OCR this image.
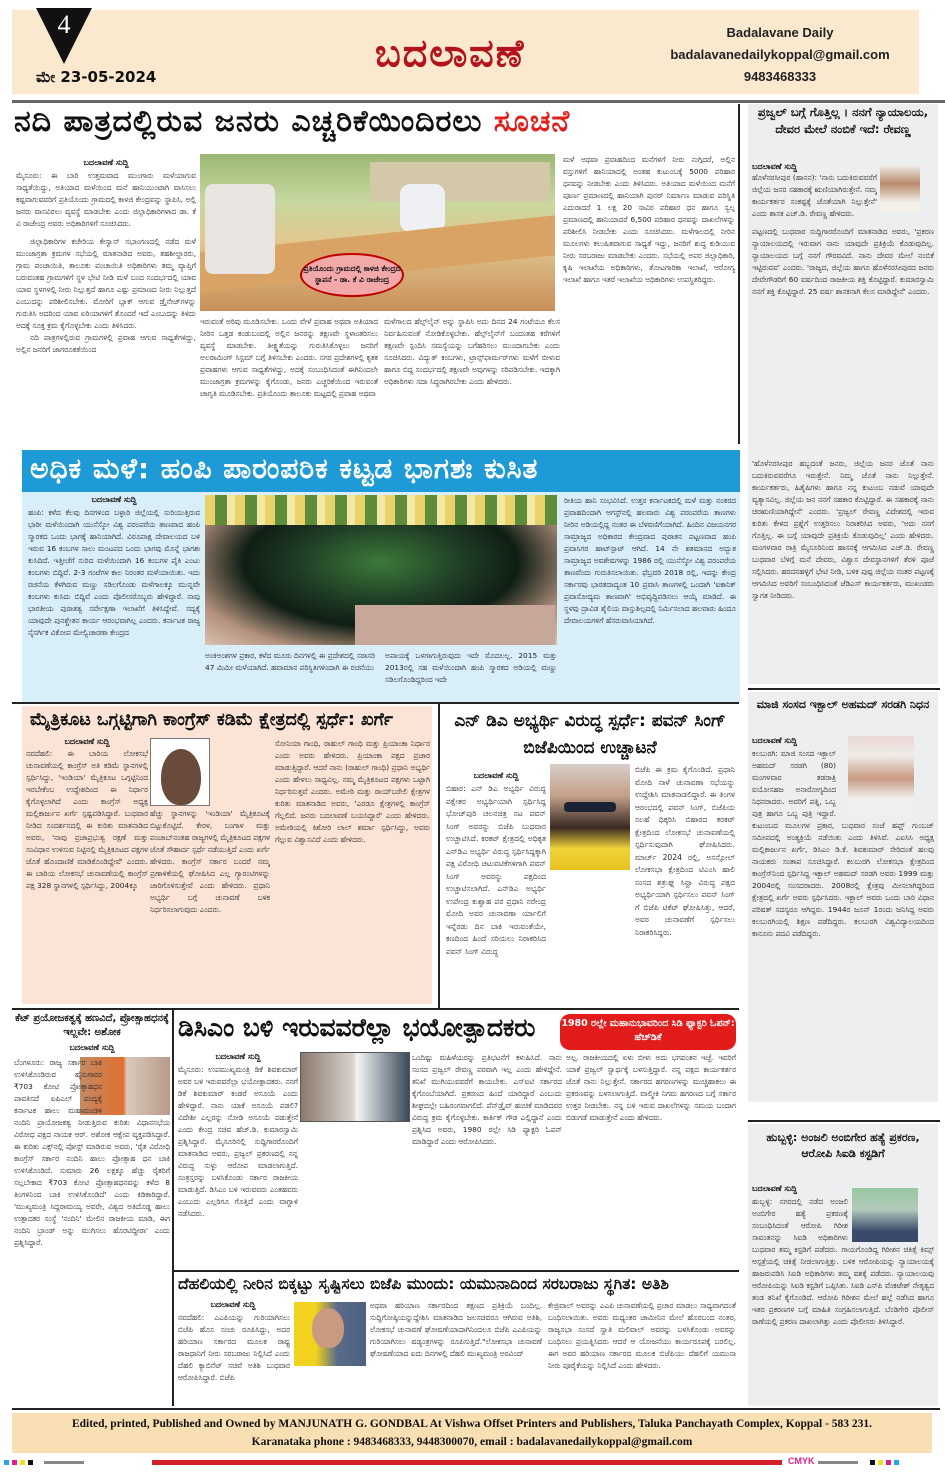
4
ಮೇ 23-05-2024
ಬದಲಾವಣೆ	Badalavane Daily
badalavanedailykoppal@gmail.com
9483468333
ನದಿ ಪಾತ್ರದಲ್ಲಿರುವ ಜನರು ಎಚ್ಚರಿಕೆಯಿಂದಿರಲು ಸೂಚನೆ
ಬದಲಾವಣೆ ಸುದ್ದಿ

ಮೈಸೂರು: ಈ ಬಾರಿ ಉತ್ತಮವಾದ ಮುಂಗಾರು ಮಳೆಯಾಗುವ ಸಾಧ್ಯತೆಯಿದ್ದು, ಅತಿಯಾದ ಮಳೆಯಿಂದ ಮನೆ ಹಾನಿಯುಂಟಾಗಿ ವಾಸಿಸಲು ಕಷ್ಟವಾಗುವವರಿಗೆ ಪ್ರತಿಯೊಂದು ಗ್ರಾಮದಲ್ಲಿ ಕಾಳಜಿ ಕೇಂದ್ರವನ್ನು ಸ್ಥಾಪಿಸಿ, ಅಲ್ಲಿ ಜನರು ವಾಸವಿರಲು ವ್ಯವಸ್ಥೆ ಮಾಡಬೇಕು ಎಂದು ಜಿಲ್ಲಾಧಿಕಾರಿಗಳಾದ ಡಾ. ಕೆ ವಿ ರಾಜೇಂದ್ರ ಅವರು ಅಧಿಕಾರಿಗಳಿಗೆ ಸೂಚಿಸಿದರು.

ಜಿಲ್ಲಾಧಿಕಾರಿಗಳ ಕಚೇರಿಯ ಕೇಸ್ವಾನ್ ಸಭಾಂಗಣದಲ್ಲಿ ನಡೆದ ಮಳೆ ಮುಂಜಾಗ್ರತಾ ಕ್ರಮಗಳ ಸಭೆಯಲ್ಲಿ ಮಾತನಾಡಿದ ಅವರು, ತಹಶೀಲ್ದಾರರು, ಗ್ರಾಮ ಪಂಚಾಯಿತಿ, ತಾಲೂಕು ಪಂಚಾಯಿತಿ ಅಧಿಕಾರಿಗಳು ತಮ್ಮ ವ್ಯಾಪ್ತಿಗೆ ಬರುವಂತಹ ಗ್ರಾಮಗಳಿಗೆ ಸ್ಥಳ ಭೇಟಿ ನೀಡಿ ಮಳೆ ಬಂದ ಸಂದರ್ಭದಲ್ಲಿ ಯಾವ ಯಾವ ಸ್ಥಳಗಳಲ್ಲಿ ನೀರು ನಿಲ್ಲುತ್ತದೆ ಹಾಗೂ ಎಷ್ಟು ಪ್ರಮಾಣದ ನೀರು ನಿಲ್ಲುತ್ತದೆ ಎಂಬುದನ್ನು ಪರಿಶೀಲಿಸಬೇಕು. ಮೋರಿಗೆ ಬ್ಲಾಕ್ ಆಗುವ ಡ್ರೈನೇಜ್‌ಗಳನ್ನು ಗುರುತಿಸಿ ಅದರಿಂದ ಯಾವ ಏರಿಯಾಗಳಿಗೆ ತೊಂದರೆ ಇದೆ ಎಂಬುದನ್ನು ತಿಳಿದು ಅದಕ್ಕೆ ಸೂಕ್ತ ಕ್ರಮ ಕೈಗೊಳ್ಳಬೇಕು ಎಂದು ತಿಳಿಸಿದರು.

ನದಿ ಪಾತ್ರಗಳಲ್ಲಿರುವ ಗ್ರಾಮಗಳಲ್ಲಿ ಪ್ರವಾಹ ಆಗುವ ಸಾಧ್ಯತೆಗಳಿದ್ದು, ಅಲ್ಲಿನ ಜನರಿಗೆ ಜಾಗರೂಕತೆಯಿಂದ

ಪ್ರತಿಯೊಂದು ಗ್ರಾಮದಲ್ಲಿ ಕಾಳಜಿ ಕೇಂದ್ರದ ಸ್ಥಾಪನೆ - ಡಾ. ಕೆ ವಿ ರಾಜೇಂದ್ರ
ಇರುವಂತೆ ಅರಿವು ಮೂಡಿಸಬೇಕು. ಒಂದು ವೇಳೆ ಪ್ರವಾಹ ಅಥವಾ ಅತಿಯಾದ ನೀರಿನ ಒತ್ತಡ ಕಂಡುಬಂದಲ್ಲಿ ಅಲ್ಲಿನ ಜನರನ್ನು ತಕ್ಷಣವೇ ಸ್ಥಳಾಂತರಿಸಲು ವ್ಯವಸ್ಥೆ ಮಾಡಬೇಕು. ತೀಕ್ಷ್ಣತೆಯನ್ನು ಗುರುತಿಸಿಕೊಳ್ಳಲು ಜನರಿಗೆ ಅಲರಾಮಿಂಗ್ ಸಿಸ್ಟಮ್ ಬಗ್ಗೆ ತಿಳಿಸಬೇಕು ಎಂದರು. ನಗರ ಪ್ರದೇಶಗಳಲ್ಲಿ ಕೃತಕ ಪ್ರವಾಹಗಳು ಆಗುವ ಸಾಧ್ಯತೆಗಳಿದ್ದು, ಅದಕ್ಕೆ ಸಂಬಂಧಿಸಿದಂತೆ ಈಗಿನಿಂದಲೇ ಮುಂಜಾಗ್ರತಾ ಕ್ರಮಗಳನ್ನು ಕೈಗೊಂಡು, ಜನರು ಎಚ್ಚರಿಕೆಯಿಂದ ಇರುವಂತೆ ಜಾಗೃತಿ ಮೂಡಿಸಬೇಕು. ಪ್ರತಿಯೊಂದು ತಾಲೂಕು ಮಟ್ಟದಲ್ಲಿ ಪ್ರವಾಹ ಅಥವಾ
ಮಳೆಗಾಲದ ಹೆಲ್ಪ್‌ಲೈನ್ ಅನ್ನು ಸ್ಥಾಪಿಸಿ ಅದು ದಿನದ 24 ಗಂಟೆಯೂ ಕೆಲಸ ನಿರ್ವಹಿಸುವಂತೆ ನೋಡಿಕೊಳ್ಳಬೇಕು. ಹೆಲ್ಪ್‌ಲೈನ್‌ಗೆ ಬಂದಂತಹ ಕರೆಗಳಿಗೆ ತಕ್ಷಣವೇ ಸ್ಪಂದಿಸಿ ಸಮಸ್ಯೆಯನ್ನು ಬಗೆಹರಿಸಲು ಮುಂದಾಗಬೇಕು ಎಂದು ಸೂಚಿಸಿದರು. ವಿದ್ಯುತ್ ಕಂಬಗಳು, ಟ್ರಾನ್ಸ್‌ಫಾರ್ಮರ್‌ಗಳು ಮಳೆಗೆ ಬೀಳುವ ಹಾಗೂ ಬಿದ್ದ ಸಂದರ್ಭದಲ್ಲಿ ತಕ್ಷಣವೇ ಅವುಗಳನ್ನು ಸರಿಪಡಿಸಬೇಕು. ಇದಕ್ಕಾಗಿ ಅಧಿಕಾರಿಗಳು ಸದಾ ಸಿದ್ಧರಾಗಿರಬೇಕು ಎಂದು ಹೇಳಿದರು.
ಮಳೆ ಅಥವಾ ಪ್ರವಾಹದಿಂದ ಮನೆಗಳಿಗೆ ನೀರು ನುಗ್ಗಿದರೆ, ಅಲ್ಲಿನ ವಸ್ತುಗಳಿಗೆ ಹಾನಿಯಾದಲ್ಲಿ ಅಂತಹ ಕುಟುಂಬಕ್ಕೆ 5000 ಪರಿಹಾರ ಧನವನ್ನು ನೀಡಬೇಕು ಎಂದು ತಿಳಿಸಿದರು. ಅತಿಯಾದ ಮಳೆಯಿಂದ ಮನೆಗೆ ಪೂರ್ಣ ಪ್ರಮಾಣದಲ್ಲಿ ಹಾನಿಯಾಗಿ ಪುನರ್ ನಿರ್ಮಾಣ ಮಾಡುವ ಪರಿಸ್ಥಿತಿ ಎದುರಾದರೆ 1 ಲಕ್ಷ 20 ಸಾವಿರ ಪರಿಹಾರ ಧನ ಹಾಗೂ ಸ್ವಲ್ಪ ಪ್ರಮಾಣದಲ್ಲಿ ಹಾನಿಯಾದರೆ 6,500 ಪರಿಹಾರ ಧನವನ್ನು ದಾಖಲೆಗಳನ್ನು ಪರಿಶೀಲಿಸಿ ನೀಡಬೇಕು ಎಂದು ಸೂಚಿಸಿದರು. ಮಳೆಗಾಲದಲ್ಲಿ ನೀರಿನ ಮೂಲಗಳು ಕಲುಷಿತವಾಗುವ ಸಾಧ್ಯತೆ ಇದ್ದು, ಜನರಿಗೆ ಶುದ್ಧ ಕುಡಿಯುವ ನೀರು ಸರಬರಾಜು ಮಾಡಬೇಕು ಎಂದರು. ಸಭೆಯಲ್ಲಿ ಅಪರ ಜಿಲ್ಲಾಧಿಕಾರಿ, ಕೃಷಿ ಇಲಾಖೆಯ ಅಧಿಕಾರಿಗಳು, ತೋಟಗಾರಿಕಾ ಇಲಾಖೆ, ಆರೋಗ್ಯ ಇಲಾಖೆ ಹಾಗೂ ಇತರೆ ಇಲಾಖೆಯ ಅಧಿಕಾರಿಗಳು ಉಪಸ್ಥಿತರಿದ್ದರು.
ಪ್ರಜ್ವಲ್ ಬಗ್ಗೆ ಗೊತ್ತಿಲ್ಲ । ನನಗೆ ನ್ಯಾಯಾಲಯ, ದೇವರ ಮೇಲೆ ನಂಬಿಕೆ ಇದೆ: ರೇವಣ್ಣ
ಬದಲಾವಣೆ ಸುದ್ದಿ
ಹೊಳೆನರಸೀಪುರ (ಹಾಸನ): 'ನಾನು ಬದುಕಿರುವವರೆಗೆ ಜಿಲ್ಲೆಯ ಜನರ ಸಹಕಾರಕ್ಕೆ ಋಣಿಯಾಗಿರುತ್ತೇನೆ. ನಮ್ಮ ಕಾರ್ಯಕರ್ತರ ಸಂಕಷ್ಟಕ್ಕೆ ಜೊತೆಯಾಗಿ ನಿಲ್ಲುತ್ತೇನೆ' ಎಂದು ಶಾಸಕ ಎಚ್.ಡಿ. ರೇವಣ್ಣ ಹೇಳಿದರು.
ಪಟ್ಟಣದಲ್ಲಿ ಬುಧವಾರ ಸುದ್ದಿಗಾರರೊಂದಿಗೆ ಮಾತನಾಡಿದ ಅವರು, 'ಪ್ರಕರಣ ನ್ಯಾಯಾಲಯದಲ್ಲಿ ಇರುವಾಗ ನಾನು ಯಾವುದೇ ಪ್ರತಿಕ್ರಿಯೆ ಕೊಡುವುದಿಲ್ಲ. ನ್ಯಾಯಾಲಯದ ಬಗ್ಗೆ ನನಗೆ ಗೌರವವಿದೆ. ನಾನು ದೇವರ ಮೇಲೆ ನಂಬಿಕೆ ಇಟ್ಟಿರುವವ' ಎಂದರು. 'ರಾಜ್ಯದ, ಜಿಲ್ಲೆಯ ಹಾಗೂ ಹೊಳೆನರಸೀಪುರದ ಜನರು ದೇವೇಗೌಡರಿಗೆ 60 ವರ್ಷದಿಂದ ರಾಜಕೀಯ ಶಕ್ತಿ ಕೊಟ್ಟಿದ್ದಾರೆ. ಕುಮಾರಸ್ವಾಮಿ ನನಗೆ ಶಕ್ತಿ ಕೊಟ್ಟಿದ್ದಾರೆ. 25 ವರ್ಷ ಶಾಸಕನಾಗಿ ಕೆಲಸ ಮಾಡಿದ್ದೇನೆ' ಎಂದರು.
'ಹೊಳೆನರಸೀಪುರ ಹಬ್ಬದಂತೆ ಜನರು, ಜಿಲ್ಲೆಯ ಜನರ ಜೊತೆ ನಾನು ಬದುಕಿರುವವರೆಗೂ ಇರುತ್ತೇನೆ. ನಿಮ್ಮ ಜೊತೆ ನಾನು ನಿಲ್ಲುತ್ತೇನೆ. ಕಾರ್ಯಕರ್ತರು, ಹಿತೈಷಿಗಳು ಹಾಗೂ ನನ್ನ ಕುಟುಂಬ ನಡುವೆ ಯಾವುದೇ ವ್ಯತ್ಯಾಸವಿಲ್ಲ. ಜಿಲ್ಲೆಯ ಜನ ನನಗೆ ಸಹಕಾರ ಕೊಟ್ಟಿದ್ದಾರೆ. ಈ ಸಹಕಾರಕ್ಕೆ ನಾನು ಚಿರಋಣಿಯಾಗಿದ್ದೇನೆ' ಎಂದರು. 'ಪ್ರಜ್ವಲ್ ರೇವಣ್ಣ ವಿದೇಶದಲ್ಲಿ ಇರುವ ಕುರಿತು ಕೇಳಿದ ಪ್ರಶ್ನೆಗೆ ಉತ್ತರಿಸಲು ನಿರಾಕರಿಸಿದ ಅವರು, 'ಅದು ನನಗೆ ಗೊತ್ತಿಲ್ಲ. ಈ ಬಗ್ಗೆ ಯಾವುದೇ ಪ್ರತಿಕ್ರಿಯೆ ಕೊಡುವುದಿಲ್ಲ' ಎಂದು ಹೇಳಿದರು. ಮಂಗಳವಾರ ರಾತ್ರಿ ಮೈಸೂರಿನಿಂದ ಹಾಸನಕ್ಕೆ ಆಗಮಿಸಿದ ಎಚ್.ಡಿ. ರೇವಣ್ಣ ಬುಧವಾರ ಬೆಳಿಗ್ಗೆ ಮನೆ ದೇವರು, ವಿಶ್ವಾಸ ದೇವಸ್ಥಾನಗಳಿಗೆ ತೆರಳಿ ಪೂಜೆ ಸಲ್ಲಿಸಿದರು. ಹರದನಹಳ್ಳಿಗೆ ಭೇಟಿ ನೀಡಿ, ಬಳಿಕ ಪುಷ್ಪ ಜಿಲ್ಲೆಯ ನಂತರ ಪಟ್ಟಣಕ್ಕೆ ಆಗಮಿಸಿದ ಅವರಿಗೆ ಸಂಬಂಧಿಸಿದಂತೆ ಜೆಡಿಎಸ್ ಕಾರ್ಯಕರ್ತರು, ಮುಖಂಡರು ಸ್ವಾಗತ ನೀಡಿದರು.
ಅಧಿಕ ಮಳೆ: ಹಂಪಿ ಪಾರಂಪರಿಕ ಕಟ್ಟಡ ಭಾಗಶಃ ಕುಸಿತ
ಬದಲಾವಣೆ ಸುದ್ದಿ
ಹಂಪಿ: ಕಳೆದ ಕೆಲವು ದಿನಗಳಿಂದ ಬಳ್ಳಾರಿ ಜಿಲ್ಲೆಯಲ್ಲಿ ಸುರಿಯುತ್ತಿರುವ ಭಾರೀ ಮಳೆಯಿಂದಾಗಿ ಯುನೆಸ್ಕೋ ವಿಶ್ವ ಪರಂಪರೆಯ ತಾಣವಾದ ಹಂಪಿ ಸ್ಮಾರಕದ ಒಂದು ಭಾಗಕ್ಕೆ ಹಾನಿಯಾಗಿದೆ. ವಿರೂಪಾಕ್ಷ ದೇವಾಲಯದ ಬಳಿ ಇರುವ 16 ಕಂಬಗಳ ಸಾಲು ಮಂಟಪದ ಒಂದು ಭಾಗವು ಮೊನ್ನೆ ಭಾಗಶಃ ಕುಸಿದಿದೆ. ಇತ್ತೀಚೆಗೆ ಸುರಿದ ಮಳೆಯಿಂದಾಗಿ 16 ಕಂಬಗಳ ಪೈಕಿ ಎಂಟು ಕಂಬಗಳು ಬಿದ್ದಿವೆ. 2-3 ಗಂಟೆಗಳ ಕಾಲ ನಿರಂತರ ಮಳೆಯಾಯಿತು. ಇದು ರಚನೆಯ ಕೆಳಗಿರುವ ಮಣ್ಣು ಸಡಿಲಗೊಂಡು ಮಳೆಗಾಲಕ್ಕೂ ಮುನ್ನವೇ ಕಂಬಗಳು ಕುಸಿದು ಬಿದ್ದಿವೆ ಎಂದು ಪೊಲೀಸರೊಬ್ಬರು ಹೇಳಿದ್ದಾರೆ. ನಾವು ಭಾರತೀಯ ಪುರಾತತ್ವ ಸರ್ವೇಕ್ಷಣಾ ಇಲಾಖೆಗೆ ತಿಳಿಸಿದ್ದೇವೆ. ಸದ್ಯಕ್ಕೆ ಯಾವುದೇ ಪುನಶ್ಚೇತನ ಕಾರ್ಯ ಆರಂಭವಾಗಿಲ್ಲ ಎಂದರು. ಕರ್ನಾಟಕ ರಾಜ್ಯ ನೈಸರ್ಗಿಕ ವಿಕೋಪ ಮೇಲ್ವಿಚಾರಣಾ ಕೇಂದ್ರದ
ಅಂಕಿಅಂಶಗಳ ಪ್ರಕಾರ, ಕಳೆದ ಮೂರು ದಿನಗಳಲ್ಲಿ ಈ ಪ್ರದೇಶದಲ್ಲಿ ಸರಾಸರಿ 47 ಮಿಮೀ ಮಳೆಯಾಗಿದೆ. ಹವಾಮಾನ ಪರಿಸ್ಥಿತಿಗಳಿಂದಾಗಿ ಈ ರಚನೆಯು
ಅಪಾಯಕ್ಕೆ ಒಳಗಾಗುತ್ತಿರುವುದು ಇದೇ ಮೊದಲಲ್ಲ. 2015 ಮತ್ತು 2013ರಲ್ಲಿ ಸಹ ಮಳೆಯಿಂದಾಗಿ ಹಂಪಿ ಸ್ಮಾರಕದ ಅಡಿಯಲ್ಲಿ ಮಣ್ಣು ಸಡಿಲಗೊಂಡಿದ್ದರಿಂದ ಇದೇ
ರೀತಿಯ ಹಾನಿ ಸಂಭವಿಸಿದೆ. ಉತ್ತರ ಕರ್ನಾಟಕದಲ್ಲಿ ಮಳೆ ಮತ್ತು ನಂತರದ ಪ್ರವಾಹದಿಂದಾಗಿ ಆಗಸ್ಟ್‌ನಲ್ಲಿ ಹಲವಾರು ವಿಶ್ವ ಪರಂಪರೆಯ ತಾಣಗಳು ನೀರಿನ ಅಡಿಯಲ್ಲಿದ್ದ ನಂತರ ಈ ಬೆಳವಣಿಗೆಯಾಗಿದೆ. ಹಿಂದಿನ ವಿಜಯನಗರ ಸಾಮ್ರಾಜ್ಯದ ಅಧಿಕಾರದ ಕೇಂದ್ರವಾದ ಪುರಾತನ ಪಟ್ಟಣವಾದ ಹಂಪಿ ಪ್ರವಾಸಿಗರ ಹಾಟ್‌ಸ್ಪಾಟ್ ಆಗಿದೆ. 14 ನೇ ಶತಮಾನದ ಅದ್ಭುತ ಸಾಮ್ರಾಜ್ಯದ ಅವಶೇಷಗಳನ್ನು 1986 ರಲ್ಲಿ ಯುನೆಸ್ಕೋ ವಿಶ್ವ ಪರಂಪರೆಯ ತಾಣವೆಂದು ಗುರುತಿಸಲಾಯಿತು. ಫೆಬ್ರವರಿ 2018 ರಲ್ಲಿ, ಇದನ್ನು ಕೇಂದ್ರ ಸರ್ಕಾರವು ಭಾರತದಾದ್ಯಂತ 10 ಪ್ರವಾಸಿ ತಾಣಗಳಲ್ಲಿ ಒಂದಾಗಿ 'ಐಕಾನಿಕ್ ಪ್ರವಾಸೋದ್ಯಮ ತಾಣವಾಗಿ' ಅಭಿವೃದ್ಧಿಪಡಿಸಲು ಆಯ್ಕೆ ಮಾಡಿದೆ. ಈ ಸ್ಥಳವು ದ್ರಾವಿಡ ಶೈಲಿಯ ವಾಸ್ತುಶಿಲ್ಪದಲ್ಲಿ ನಿರ್ಮಿಸಲಾದ ಹಲವಾರು ಹಿಂದೂ ದೇವಾಲಯಗಳಿಗೆ ಹೆಸರುವಾಸಿಯಾಗಿದೆ.
ಮೈತ್ರಿಕೂಟ ಒಗ್ಗಟ್ಟಿಗಾಗಿ ಕಾಂಗ್ರೆಸ್ ಕಡಿಮೆ ಕ್ಷೇತ್ರದಲ್ಲಿ ಸ್ಪರ್ಧೆ: ಖರ್ಗೆ
ಬದಲಾವಣೆ ಸುದ್ದಿ
ನವದೆಹಲಿ: ಈ ಬಾರಿಯ ಲೋಕಸಭೆ ಚುನಾವಣೆಯಲ್ಲಿ ಕಾಂಗ್ರೆಸ್ ಅತಿ ಕಡಿಮೆ ಸ್ಥಾನಗಳಲ್ಲಿ ಸ್ಪರ್ಧಿಸಿದ್ದು, 'ಇಂಡಿಯಾ' ಮೈತ್ರಿಕೂಟ ಒಗ್ಗಟ್ಟಿನಿಂದ ಇರಬೇಕೆಂಬ ಉದ್ದೇಶದಿಂದ ಈ ನಿರ್ಧಾರ ಕೈಗೊಳ್ಳಲಾಗಿದೆ ಎಂದು ಕಾಂಗ್ರೆಸ್ ಅಧ್ಯಕ್ಷ ಮಲ್ಲಿಕಾರ್ಜುನ ಖರ್ಗೆ ಸ್ಪಷ್ಟಪಡಿಸಿದ್ದಾರೆ. ಬುಧವಾರ ನೀಡಿದ ಸಂದರ್ಶನದಲ್ಲಿ ಈ ಕುರಿತು ಮಾತನಾಡಿದ ಅವರು, 'ನಾವು ಪ್ರಜಾಪ್ರಭುತ್ವ ರಕ್ಷಣೆ ಮತ್ತು ಸಂವಿಧಾನ ಉಳಿಸುವ ನಿಟ್ಟಿನಲ್ಲಿ ಮೈತ್ರಿಕೂಟದ ಪಕ್ಷಗಳ ಜೊತೆ ಹೊಂದಾಣಿಕೆ ಮಾಡಿಕೊಂಡಿದ್ದೇವೆ' ಎಂದರು. ಈ ಬಾರಿಯ ಲೋಕಸಭೆ ಚುನಾವಣೆಯಲ್ಲಿ ಕಾಂಗ್ರೆಸ್ ಪಕ್ಷ 328 ಸ್ಥಾನಗಳಲ್ಲಿ ಸ್ಪರ್ಧಿಸಿದ್ದು, 2004ಕ್ಕೂ
ಹೆಚ್ಚು ಸ್ಥಾನಗಳನ್ನು 'ಇಂಡಿಯಾ' ಮೈತ್ರಿಕೂಟಕ್ಕೆ ಬಿಟ್ಟುಕೊಟ್ಟಿದೆ. ಕೇರಳ, ಬಂಗಾಳ ಮತ್ತು ಪಂಜಾಬ್‌ನಂತಹ ರಾಜ್ಯಗಳಲ್ಲಿ ಮೈತ್ರಿಕೂಟದ ಪಕ್ಷಗಳ ಜೊತೆ ಸೌಹಾರ್ದ ಸ್ಪರ್ಧೆ ನಡೆಯುತ್ತಿದೆ ಎಂದು ಖರ್ಗೆ ಹೇಳಿದರು. ಕಾಂಗ್ರೆಸ್ ಸರ್ಕಾರ ಬಂದರೆ ನಮ್ಮ ಪ್ರಣಾಳಿಕೆಯಲ್ಲಿ ಘೋಷಿಸಿದ ಎಲ್ಲ ಗ್ಯಾರಂಟಿಗಳನ್ನು ಜಾರಿಗೊಳಿಸುತ್ತೇವೆ ಎಂದು ಹೇಳಿದರು. ಪ್ರಧಾನಿ ಅಭ್ಯರ್ಥಿ ಬಗ್ಗೆ ಚುನಾವಣೆ ಬಳಿಕ ನಿರ್ಧರಿಸಲಾಗುವುದು ಎಂದರು.
ಸೋನಿಯಾ ಗಾಂಧಿ, ರಾಹುಲ್ ಗಾಂಧಿ ಮತ್ತು ಪ್ರಿಯಾಂಕಾ ನಿರ್ಧಾರ ಎಂದು ಅವರು ಹೇಳಿದರು. ಪ್ರಿಯಾಂಕಾ ಪಕ್ಷದ ಪ್ರಚಾರ ಮಾಡುತ್ತಿದ್ದಾರೆ. ಆದರೆ ನಾನು (ರಾಹುಲ್ ಗಾಂಧಿ) ಪ್ರಧಾನಿ ಅಭ್ಯರ್ಥಿ ಎಂದು ಹೇಳಲು ಸಾಧ್ಯವಿಲ್ಲ. ನಮ್ಮ ಮೈತ್ರಿಕೂಟದ ಪಕ್ಷಗಳು ಒಟ್ಟಾಗಿ ನಿರ್ಧರಿಸುತ್ತವೆ ಎಂದರು. ಅಮೇಠಿ ಮತ್ತು ರಾಯ್‌ಬರೇಲಿ ಕ್ಷೇತ್ರಗಳ ಕುರಿತು ಮಾತನಾಡಿದ ಅವರು, 'ಎರಡೂ ಕ್ಷೇತ್ರಗಳಲ್ಲಿ ಕಾಂಗ್ರೆಸ್ ಗೆಲ್ಲಲಿದೆ. ಜನರು ಬದಲಾವಣೆ ಬಯಸಿದ್ದಾರೆ' ಎಂದು ಹೇಳಿದರು. ಅಮೇಠಿಯಲ್ಲಿ ಕಿಶೋರಿ ಲಾಲ್ ಶರ್ಮಾ ಸ್ಪರ್ಧಿಸಿದ್ದು, ಅವರು ಗೆಲ್ಲುವ ವಿಶ್ವಾಸವಿದೆ ಎಂದು ಹೇಳಿದರು.
ಎನ್ ಡಿಎ ಅಭ್ಯರ್ಥಿ ವಿರುದ್ಧ ಸ್ಪರ್ಧೆ: ಪವನ್ ಸಿಂಗ್ ಬಿಜೆಪಿಯಿಂದ ಉಚ್ಚಾಟನೆ
ಬದಲಾವಣೆ ಸುದ್ದಿ
ಬಿಹಾರ: ಎನ್ ಡಿಎ ಅಭ್ಯರ್ಥಿ ವಿರುದ್ಧ ಪಕ್ಷೇತರ ಅಭ್ಯರ್ಥಿಯಾಗಿ ಸ್ಪರ್ಧಿಸಿದ್ದ ಭೋಜ್‌ಪುರಿ ಚಲನಚಿತ್ರ ನಟ ಪವನ್ ಸಿಂಗ್ ಅವರನ್ನು ಬಿಜೆಪಿ ಬುಧವಾರ ಉಚ್ಚಾಟಿಸಿದೆ. ಕರಕಟ್ ಕ್ಷೇತ್ರದಲ್ಲಿ ಅಧಿಕೃತ ಎನ್‌ಡಿಎ ಅಭ್ಯರ್ಥಿ ವಿರುದ್ಧ ಸ್ಪರ್ಧಿಸಿದ್ದಕ್ಕಾಗಿ ಪಕ್ಷ ವಿರೋಧಿ ಚಟುವಟಿಕೆಗಳಿಗಾಗಿ ಪವನ್ ಸಿಂಗ್ ಅವರನ್ನು ಪಕ್ಷದಿಂದ ಉಚ್ಚಾಟಿಸಲಾಗಿದೆ. ಎನ್‌ಡಿಎ ಅಭ್ಯರ್ಥಿ ಉಪೇಂದ್ರ ಕುಶ್ವಾಹ ಪರ ಪ್ರಧಾನಿ ನರೇಂದ್ರ ಮೋದಿ ಅವರ ಚುನಾವಣಾ ರ್ಯಾಲಿಗೆ ಇನ್ನೆರಡು ದಿನ ಬಾಕಿ ಇರುವಂತೆಯೇ, ಕಣದಿಂದ ಹಿಂದೆ ಸರಿಯಲು ನಿರಾಕರಿಸಿದ ಪವನ್ ಸಿಂಗ್ ವಿರುದ್ಧ
ಬಿಜೆಪಿ ಈ ಕ್ರಮ ಕೈಗೊಂಡಿದೆ. ಪ್ರಧಾನಿ ಮೋದಿ ನಾಳೆ ಚುನಾವಣಾ ಸಭೆಯನ್ನು ಉದ್ದೇಶಿಸಿ ಮಾತನಾಡಲಿದ್ದಾರೆ. ಈ ತಿಂಗಳ ಆರಂಭದಲ್ಲಿ ಪವನ್ ಸಿಂಗ್, ಬಿಜೆಪಿಯ ಸಲಹೆ ಧಿಕ್ಕರಿಸಿ ಬಿಹಾರದ ಕರಕಟ್ ಕ್ಷೇತ್ರದಿಂದ ಲೋಕಸಭೆ ಚುನಾವಣೆಯಲ್ಲಿ ಸ್ಪರ್ಧಿಸುವುದಾಗಿ ಘೋಷಿಸಿದರು. ಮಾರ್ಚ್ 2024 ರಲ್ಲಿ, ಅಸನ್ಸೋಲ್ ಲೋಕಸಭಾ ಕ್ಷೇತ್ರದಿಂದ ಟಿಎಂಸಿ ಹಾಲಿ ಸಂಸದ ಶತ್ರುಘ್ನ ಸಿನ್ಹಾ ವಿರುದ್ಧ ಪಕ್ಷದ ಅಭ್ಯರ್ಥಿಯಾಗಿ ಸ್ಪರ್ಧಿಸಲು ಪವನ್ ಸಿಂಗ್ ಗೆ ಬಿಜೆಪಿ ಟಿಕೆಟ್ ಘೋಷಿಸಿತ್ತು, ಆದರೆ, ಅವರ ಚುನಾವಣೆಗೆ ಸ್ಪರ್ಧಿಸಲು ನಿರಾಕರಿಸಿದ್ದರು.
ಮಾಜಿ ಸಂಸದ ಇಕ್ಬಾಲ್ ಅಹಮದ್ ಸರಡಗಿ ನಿಧನ
ಬದಲಾವಣೆ ಸುದ್ದಿ
ಕಲಬುರಗಿ: ಮಾಜಿ ಸಂಸದ ಇಕ್ಬಾಲ್ ಅಹಮದ್ ಸರಡಗಿ (80) ಮಂಗಳವಾರ ತಡರಾತ್ರಿ ವಯೋಸಹಜ ಅನಾರೋಗ್ಯದಿಂದ ನಿಧನರಾದರು. ಅವರಿಗೆ ಪತ್ನಿ, ಒಬ್ಬ ಪುತ್ರ ಹಾಗೂ ಒಬ್ಬ ಪುತ್ರಿ ಇದ್ದಾರೆ. ಕುಟುಂಬದ ಮೂಲಗಳ ಪ್ರಕಾರ, ಬುಧವಾರ ಸಂಜೆ ಹಫ್ತ್ ಗುಂಬಜ್ ಸಮೀಪದಲ್ಲಿ ಅಂತ್ಯಕ್ರಿಯೆ ನಡೆಯಿತು ಎಂದು ತಿಳಿಸಿವೆ. ಎಐಸಿಸಿ ಅಧ್ಯಕ್ಷ ಮಲ್ಲಿಕಾರ್ಜುನ ಖರ್ಗೆ, ಡಿಸಿಎಂ ಡಿ.ಕೆ. ಶಿವಕುಮಾರ್ ಸೇರಿದಂತೆ ಹಲವು ನಾಯಕರು ಸಂತಾಪ ಸೂಚಿಸಿದ್ದಾರೆ. ಕಲಬುರಗಿ ಲೋಕಸಭಾ ಕ್ಷೇತ್ರದಿಂದ ಕಾಂಗ್ರೆಸ್‌ನಿಂದ ಸ್ಪರ್ಧಿಸಿದ್ದ ಇಕ್ಬಾಲ್ ಅಹಮದ್ ಸರಡಗಿ ಅವರು 1999 ಮತ್ತು 2004ರಲ್ಲಿ ಸಂಸದರಾದರು. 2008ರಲ್ಲಿ ಕ್ಷೇತ್ರವು ಮೀಸಲಾಗಿದ್ದರಿಂದ ಕ್ಷೇತ್ರದಲ್ಲಿ ಖರ್ಗೆ ಅವರು ಸ್ಪರ್ಧಿಸಿದರು. ಇಕ್ಬಾಲ್ ಅವರು ಒಂದು ಬಾರಿ ವಿಧಾನ ಪರಿಷತ್ ಸದಸ್ಯರೂ ಆಗಿದ್ದರು. 1944ರ ಜೂನ್ 1ರಂದು ಜನಿಸಿದ್ದ ಅವರು ಕಲಬುರಗಿಯಲ್ಲಿ ಶಿಕ್ಷಣ ಪಡೆದಿದ್ದರು. ಕಲಬುರಗಿ ವಿಶ್ವವಿದ್ಯಾಲಯದಿಂದ ಕಾನೂನು ಪದವಿ ಪಡೆದಿದ್ದರು.
ಕೆಟ್ ಪ್ರಯೋಜಕತ್ವಕ್ಕೆ ಹಣವಿದೆ, ಪ್ರೋತ್ಸಾಹಧನಕ್ಕೆ ಇಲ್ಲವೇ: ಅಶೋಕ
ಬದಲಾವಣೆ ಸುದ್ದಿ
ಬೆಂಗಳೂರು: ರಾಜ್ಯ ಸರ್ಕಾರ ಬಾಕಿ ಉಳಿಸಿಕೊಂಡಿರುವ ಹೈನುಗಾರರ ₹703 ಕೋಟಿ ಪ್ರೋತ್ಸಾಹಧನ ಪಾವತಿಸದೆ ಐಪಿಎಲ್ ಪಂದ್ಯಕ್ಕೆ ಕರ್ನಾಟಕ ಹಾಲು ಮಹಾಮಂಡಳಿ ನಂದಿನಿ ಪ್ರಾಯೋಜಕತ್ವ ನೀಡುತ್ತಿರುವ ಕುರಿತು ವಿಧಾನಸಭೆಯ ವಿರೋಧ ಪಕ್ಷದ ನಾಯಕ ಆರ್. ಅಶೋಕ ಆಕ್ಷೇಪ ವ್ಯಕ್ತಪಡಿಸಿದ್ದಾರೆ. ಈ ಕುರಿತು ಎಕ್ಸ್‌ನಲ್ಲಿ ಪೋಸ್ಟ್ ಮಾಡಿರುವ ಅವರು, 'ರೈತ ವಿರೋಧಿ ಕಾಂಗ್ರೆಸ್ ಸರ್ಕಾರ ನಂದಿನಿ ಹಾಲು ಪ್ರೋತ್ಸಾಹ ಧನ ಬಾಕಿ ಉಳಿಸಿಕೊಂಡಿದೆ. ಸುಮಾರು 26 ಲಕ್ಷಕ್ಕೂ ಹೆಚ್ಚು ರೈತರಿಗೆ ಸಲ್ಲಬೇಕಾದ ₹703 ಕೋಟಿ ಪ್ರೋತ್ಸಾಹಧನವನ್ನು ಕಳೆದ 8 ತಿಂಗಳಿನಿಂದ ಬಾಕಿ ಉಳಿಸಿಕೊಂಡಿದೆ' ಎಂದು ಕಿಡಿಕಾರಿದ್ದಾರೆ. 'ಮುಖ್ಯಮಂತ್ರಿ ಸಿದ್ದರಾಮಯ್ಯ ಅವರೇ, ವಿಶ್ವದ ಅತಿದೊಡ್ಡ ಹಾಲು ಉತ್ಪಾದಕರ ಸಂಸ್ಥೆ 'ನಂದಿನಿ' ಮೇಲಿನ ರಾಜಕೀಯ ಮಾಡಿ, ಈಗ ನಂದಿನಿ ಬ್ರಾಂಡ್ ಅನ್ನು ಮುಗಿಸಲು ಹೊರಟಿದ್ದೀರಾ' ಎಂದು ಪ್ರಶ್ನಿಸಿದ್ದಾರೆ.
ಡಿಸಿಎಂ ಬಳಿ ಇರುವವರೆಲ್ಲಾ ಭಯೋತ್ಪಾದಕರು	1980 ರಲ್ಲೇ ಮಹಾನುಭಾವರಿಂದ ಸಿಡಿ ಫ್ಯಾಕ್ಟರಿ ಓಪನ್: ಹೆಚ್‌ಡಿಕೆ
ಬದಲಾವಣೆ ಸುದ್ದಿ
ಮೈಸೂರು: ಉಪಮುಖ್ಯಮಂತ್ರಿ ಡಿಕೆ ಶಿವಕುಮಾರ್ ಅವರ ಬಳಿ ಇರುವವರೆಲ್ಲಾ ಭಯೋತ್ಪಾದಕರು. ನನಗೆ ಡಿಕೆ ಶಿವಕುಮಾರ್ ಕಂಡರೆ ಅಸೂಯೆ ಎಂದು ಹೇಳಿದ್ದಾರೆ. ನಾನು ಯಾಕೆ ಅಸೂಯೆ ಪಡಲಿ? ವಿದೇಶೀ ಎಲ್ಲರನ್ನು ನೋಡಿ ಅಸೂಯೆ ಪಡುತ್ತೇನೆ ಎಂದು ಕೇಂದ್ರ ಸಚಿವ ಹೆಚ್.ಡಿ. ಕುಮಾರಸ್ವಾಮಿ ಪ್ರಶ್ನಿಸಿದ್ದಾರೆ. ಮೈಸೂರಿನಲ್ಲಿ ಸುದ್ದಿಗಾರರೊಂದಿಗೆ ಮಾತನಾಡಿದ ಅವರು, ಪ್ರಜ್ವಲ್ ಪ್ರಕರಣದಲ್ಲಿ ನನ್ನ ವಿರುದ್ಧ ಸುಳ್ಳು ಆರೋಪ ಮಾಡಲಾಗುತ್ತಿದೆ. ಸಂತ್ರಸ್ತರನ್ನು ಬಳಸಿಕೊಂಡು ಸರ್ಕಾರ ರಾಜಕೀಯ ಮಾಡುತ್ತಿದೆ. ಡಿಸಿಎಂ ಬಳಿ ಇರುವವರು ಎಂತಹವರು ಎಂಬುದು ಎಲ್ಲರಿಗೂ ಗೊತ್ತಿದೆ ಎಂದು ವಾಗ್ದಾಳಿ ನಡೆಸಿದರು.
ಒಂದಿಷ್ಟು ಮಹಿಳೆಯರನ್ನು ಪ್ರತಿಭಟನೆಗೆ ಕಳುಹಿಸಿದೆ. ನಾನು ಸಂಸದ ಪ್ರಜ್ವಲ್ ರೇವಣ್ಣ ಪರವಾಗಿ ಇಲ್ಲ ಎಂದು ಹೇಳಿದ್ದೇನೆ. ತನಿಖೆ ಮುಗಿಯುವವರೆಗೆ ಕಾಯಬೇಕು. ಎಸ್‌ಐಟಿ ಸರ್ಕಾರದ ಕೈಗೊಂಬೆಯಾಗಿದೆ. ಪ್ರಕರಣದ ಹಿಂದೆ ಯಾರಿದ್ದಾರೆ ಎಂಬುದು ಶೀಘ್ರದಲ್ಲೇ ಬಹಿರಂಗವಾಗಲಿದೆ. ಪೆನ್‌ಡ್ರೈವ್ ಹಂಚಿಕೆ ಮಾಡಿದವರ ವಿರುದ್ಧ ಕ್ರಮ ಕೈಗೊಳ್ಳಬೇಕು. ಕಾರ್ತಿಕ್ ಗೌಡ ಎಲ್ಲಿದ್ದಾನೆ ಎಂದು ಪ್ರಶ್ನಿಸಿದ ಅವರು, 1980 ರಲ್ಲೇ ಸಿಡಿ ಫ್ಯಾಕ್ಟರಿ ಓಪನ್ ಮಾಡಿದ್ದಾರೆ ಎಂದು ಆರೋಪಿಸಿದರು.
ಅಲ್ಲ. ರಾಜಕೀಯದಲ್ಲಿ ಏಳು ಬೀಳು ಅದು ಭಗವಂತನ ಇಚ್ಛೆ. ಇವರಿಗೆ ಯಾಕೆ ಪ್ರಜ್ವಲ್ ಸ್ವಾರ್ಥಕ್ಕೆ ಬಳಸುತ್ತಿದ್ದಾರೆ. ನನ್ನ ಪಕ್ಷದ ಕಾರ್ಯಕರ್ತರ ಜೊತೆ ನಾನು ನಿಲ್ಲುತ್ತೇನೆ. ಸರ್ಕಾರದ ಹಗರಣಗಳನ್ನು ಮುಚ್ಚಿಹಾಕಲು ಈ ಪ್ರಕರಣವನ್ನು ಬಳಸಲಾಗುತ್ತಿದೆ. ವಾಲ್ಮೀಕಿ ನಿಗಮ ಹಗರಣದ ಬಗ್ಗೆ ಸರ್ಕಾರ ಉತ್ತರ ನೀಡಬೇಕು. ನನ್ನ ಬಳಿ ಇರುವ ದಾಖಲೆಗಳನ್ನು ಸಮಯ ಬಂದಾಗ ಬಿಡುಗಡೆ ಮಾಡುತ್ತೇನೆ ಎಂದು ಹೇಳಿದರು.
ಹುಬ್ಬಳ್ಳಿ: ಅಂಜಲಿ ಅಂಬಿಗೇರ ಹತ್ಯೆ ಪ್ರಕರಣ, ಆರೋಪಿ ಸಿಐಡಿ ಕಸ್ಟಡಿಗೆ
ಬದಲಾವಣೆ ಸುದ್ದಿ
ಹುಬ್ಬಳ್ಳಿ: ನಗರದಲ್ಲಿ ನಡೆದ ಅಂಜಲಿ ಅಂಬಿಗೇರ ಹತ್ಯೆ ಪ್ರಕರಣಕ್ಕೆ ಸಂಬಂಧಿಸಿದಂತೆ ಆರೋಪಿ ಗಿರೀಶ ಸಾವಂತನನ್ನು ಸಿಐಡಿ ಅಧಿಕಾರಿಗಳು ಬುಧವಾರ ತಮ್ಮ ಕಸ್ಟಡಿಗೆ ಪಡೆದರು. ಗಾಯಗೊಂಡಿದ್ದ ಗಿರೀಶನ ಚಿಕಿತ್ಸೆ ಕಿಮ್ಸ್ ಆಸ್ಪತ್ರೆಯಲ್ಲಿ ಚಿಕಿತ್ಸೆ ನೀಡಲಾಗುತ್ತಿತ್ತು. ಬಳಿಕ ಆರೋಪಿಯನ್ನು ನ್ಯಾಯಾಲಯಕ್ಕೆ ಹಾಜರುಪಡಿಸಿ ಸಿಐಡಿ ಅಧಿಕಾರಿಗಳು ತಮ್ಮ ವಶಕ್ಕೆ ಪಡೆದರು. ನ್ಯಾಯಾಲಯವು ಆರೋಪಿಯನ್ನು ಸಿಐಡಿ ಕಸ್ಟಡಿಗೆ ಒಪ್ಪಿಸಿತು. ಸಿಐಡಿ ಎಸ್‌ಪಿ ವೆಂಕಟೇಶ್ ನೇತೃತ್ವದ ತಂಡ ತನಿಖೆ ಕೈಗೊಂಡಿದೆ. ಆರೋಪಿ ಗಿರೀಶನ ಮೇಲೆ ಹಲ್ಲೆ ನಡೆಸಿದ ಹಾಗೂ ಇತರ ಪ್ರಕರಣಗಳ ಬಗ್ಗೆ ಮಾಹಿತಿ ಸಂಗ್ರಹಿಸಲಾಗುತ್ತಿದೆ. ಬೆಂಡಿಗೇರಿ ಪೊಲೀಸ್ ಠಾಣೆಯಲ್ಲಿ ಪ್ರಕರಣ ದಾಖಲಾಗಿತ್ತು ಎಂದು ಪೊಲೀಸರು ತಿಳಿಸಿದ್ದಾರೆ.
ದೆಹಲಿಯಲ್ಲಿ ನೀರಿನ ಬಿಕ್ಕಟ್ಟು ಸೃಷ್ಟಿಸಲು ಬಿಜೆಪಿ ಮುಂದು: ಯಮುನಾದಿಂದ ಸರಬರಾಜು ಸ್ಥಗಿತ: ಅತಿಶಿ
ಬದಲಾವಣೆ ಸುದ್ದಿ
ನವದೆಹಲಿ: ಎಎಪಿಯನ್ನು ಗುರಿಯಾಗಿಸಲು ಬಿಜೆಪಿ ಹೊಸ ಸಂಚು ರೂಪಿಸಿದ್ದು, ಅದರ ಹರಿಯಾಣ ಸರ್ಕಾರದ ಮೂಲಕ ರಾಷ್ಟ್ರ ರಾಜಧಾನಿಗೆ ನೀರು ಸರಬರಾಜು ನಿಲ್ಲಿಸಿದೆ ಎಂದು ದೆಹಲಿ ಕ್ಯಾಬಿನೆಟ್ ಸಚಿವೆ ಅತಿಶಿ ಬುಧವಾರ ಆರೋಪಿಸಿದ್ದಾರೆ. ಬಿಜೆಪಿ
ಅಥವಾ ಹರಿಯಾಣ ಸರ್ಕಾರದಿಂದ ತಕ್ಷಣದ ಪ್ರತಿಕ್ರಿಯೆ ಬಂದಿಲ್ಲ. ಸುದ್ದಿಗೋಷ್ಠಿಯನ್ನುದ್ದೇಶಿಸಿ ಮಾತನಾಡಿದ ಜಲಸಚಿವರೂ ಆಗಿರುವ ಅತಿಶಿ, ಲೋಕಸಭೆ ಚುನಾವಣೆ ಘೋಷಣೆಯಾದಾಗಿನಿಂದಲೂ ಬಿಜೆಪಿ ಎಎಪಿಯನ್ನು ಗುರಿಯಾಗಿಸಲು ಷಡ್ಯಂತ್ರಗಳನ್ನು ರೂಪಿಸುತ್ತಿದೆ."ಲೋಕಸಭಾ ಚುನಾವಣೆ ಘೋಷಣೆಯಾದ ಐದು ದಿನಗಳಲ್ಲಿ ದೆಹಲಿ ಮುಖ್ಯಮಂತ್ರಿ ಅರವಿಂದ್
ಕೇಜ್ರಿವಾಲ್ ಅವರನ್ನು ಎಎಪಿ ಚುನಾವಣೆಯಲ್ಲಿ ಪ್ರಚಾರ ಮಾಡಲು ಸಾಧ್ಯವಾಗದಂತೆ ಬಂಧಿಸಲಾಯಿತು. ಅವರು ಮಧ್ಯಂತರ ಜಾಮೀನಿನ ಮೇಲೆ ಹೊರಬಂದ ನಂತರ, ರಾಜ್ಯಸಭಾ ಸಂಸದೆ ಸ್ವಾತಿ ಮಲಿವಾಲ್ ಅವರನ್ನು ಬಳಸಿಕೊಂಡು ಅವರನ್ನು ಬಂಧಿಸಲು ಪ್ರಯತ್ನಿಸಿದರು ಆದರೆ ಆ ಯೋಜನೆಯು ಕಾರ್ಯರೂಪಕ್ಕೆ ಬರಲಿಲ್ಲ. ಈಗ ಅವರ ಹರಿಯಾಣ ಸರ್ಕಾರದ ಮೂಲಕ ಬಿಜೆಪಿಯು ದೆಹಲಿಗೆ ಯಮುನಾ ನೀರು ಪೂರೈಕೆಯನ್ನು ನಿಲ್ಲಿಸಿದೆ ಎಂದು ಹೇಳಿದರು.
Edited, printed, Published and Owned by MANJUNATH G. GONDBAL At Vishwa Offset Printers and Publishers, Taluka Panchayath Complex, Koppal - 583 231.
Karanataka phone : 9483468333, 9448300070, email : badalavanedailykoppal@gmail.com
CMYK
